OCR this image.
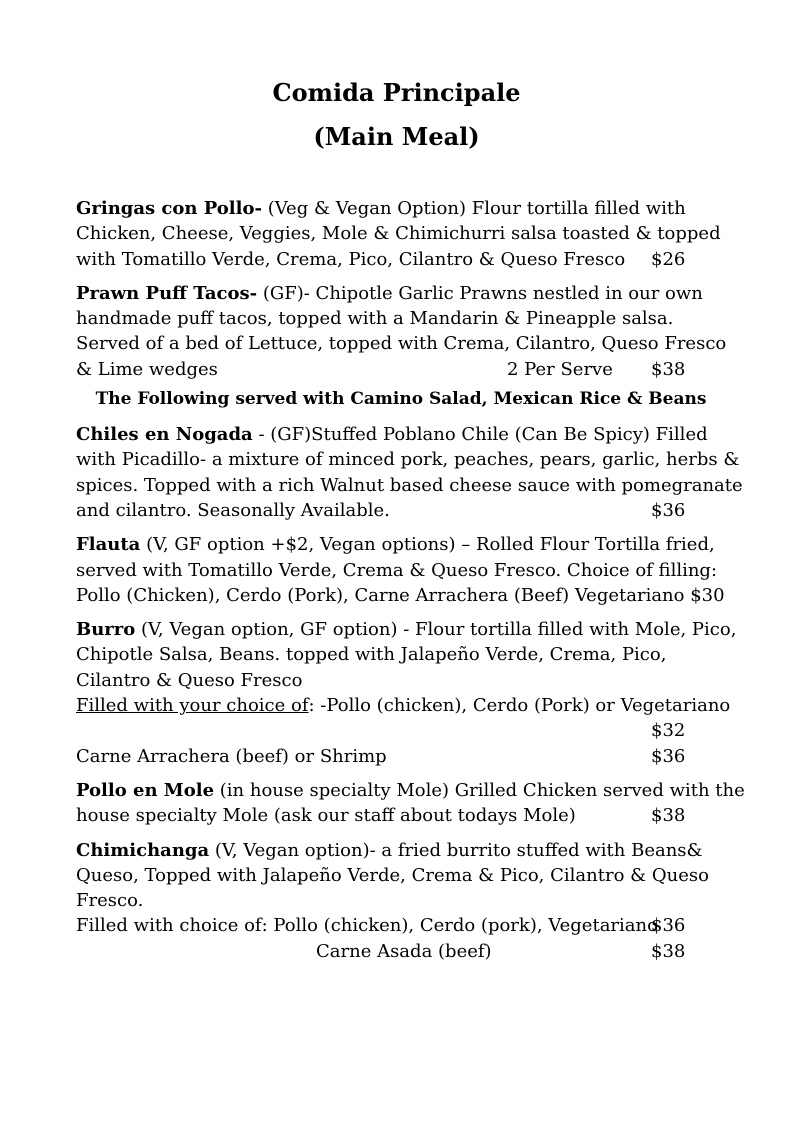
Comida Principale
(Main Meal)
Gringas con Pollo- (Veg & Vegan Option) Flour tortilla filled with
Chicken, Cheese, Veggies, Mole & Chimichurri salsa toasted & topped
with Tomatillo Verde, Crema, Pico, Cilantro & Queso Fresco $26
Prawn Puff Tacos- (GF)- Chipotle Garlic Prawns nestled in our own
handmade puff tacos, topped with a Mandarin & Pineapple salsa.
Served of a bed of Lettuce, topped with Crema, Cilantro, Queso Fresco
& Lime wedges	2 Per Serve $38
The Following served with Camino Salad, Mexican Rice & Beans
Chiles en Nogada - (GF)Stuffed Poblano Chile (Can Be Spicy) Filled
with Picadillo- a mixture of minced pork, peaches, pears, garlic, herbs &
spices. Topped with a rich Walnut based cheese sauce with pomegranate
and cilantro. Seasonally Available.	$36
Flauta (V, GF option +$2, Vegan options) – Rolled Flour Tortilla fried,
served with Tomatillo Verde, Crema & Queso Fresco. Choice of filling:
Pollo (Chicken), Cerdo (Pork), Carne Arrachera (Beef) Vegetariano $30
Burro (V, Vegan option, GF option) - Flour tortilla filled with Mole, Pico,
Chipotle Salsa, Beans. topped with Jalapeño Verde, Crema, Pico,
Cilantro & Queso Fresco
Filled with your choice of: -Pollo (chicken), Cerdo (Pork) or Vegetariano
$32
Carne Arrachera (beef) or Shrimp	$36
Pollo en Mole (in house specialty Mole) Grilled Chicken served with the
house specialty Mole (ask our staff about todays Mole)	$38
Chimichanga (V, Vegan option)- a fried burrito stuffed with Beans&
Queso, Topped with Jalapeño Verde, Crema & Pico, Cilantro & Queso
Fresco.
Filled with choice of: Pollo (chicken), Cerdo (pork), Vegetariano
$36
Carne Asada (beef)	$38
